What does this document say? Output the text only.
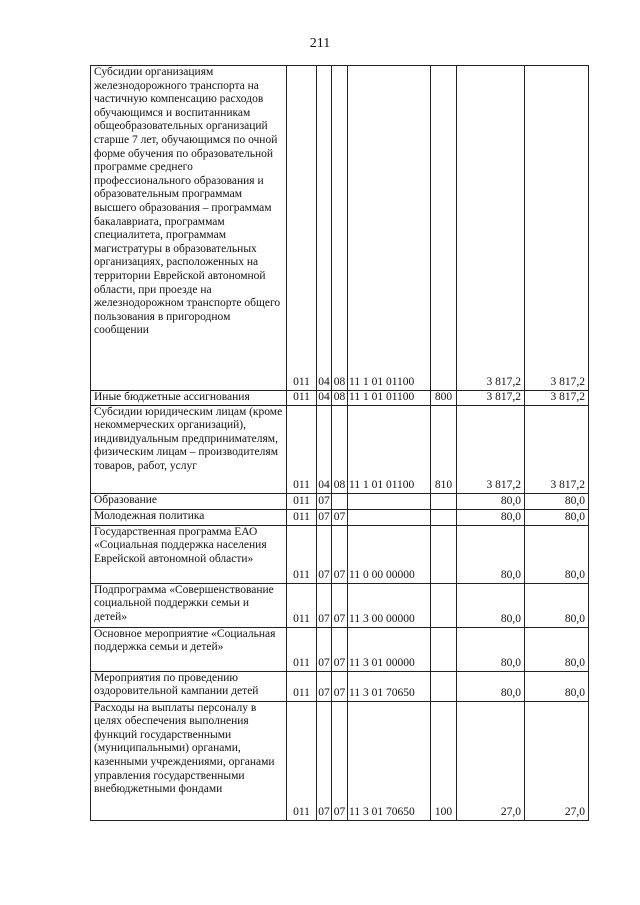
211
Субсидии организациям железнодорожного транспорта на частичную компенсацию расходов обучающимся и воспитанникам общеобразовательных организаций старше 7 лет, обучающимся по очной форме обучения по образовательной программе среднего профессионального образования и образовательным программам высшего образования – программам бакалавриата, программам специалитета, программам магистратуры в образовательных организациях, расположенных на территории Еврейской автономной области, при проезде на железнодорожном транспорте общего пользования в пригородном сообщении	011	04	08	11 1 01 01100		3 817,2	3 817,2
Иные бюджетные ассигнования	011	04	08	11 1 01 01100	800	3 817,2	3 817,2
Субсидии юридическим лицам (кроме некоммерческих организаций), индивидуальным предпринимателям, физическим лицам – производителям товаров, работ, услуг	011	04	08	11 1 01 01100	810	3 817,2	3 817,2
Образование	011	07				80,0	80,0
Молодежная политика	011	07	07			80,0	80,0
Государственная программа ЕАО «Социальная поддержка населения Еврейской автономной области»	011	07	07	11 0 00 00000		80,0	80,0
Подпрограмма «Совершенствование социальной поддержки семьи и детей»	011	07	07	11 3 00 00000		80,0	80,0
Основное мероприятие «Социальная поддержка семьи и детей»	011	07	07	11 3 01 00000		80,0	80,0
Мероприятия по проведению оздоровительной кампании детей	011	07	07	11 3 01 70650		80,0	80,0
Расходы на выплаты персоналу в целях обеспечения выполнения функций государственными (муниципальными) органами, казенными учреждениями, органами управления государственными внебюджетными фондами	011	07	07	11 3 01 70650	100	27,0	27,0
